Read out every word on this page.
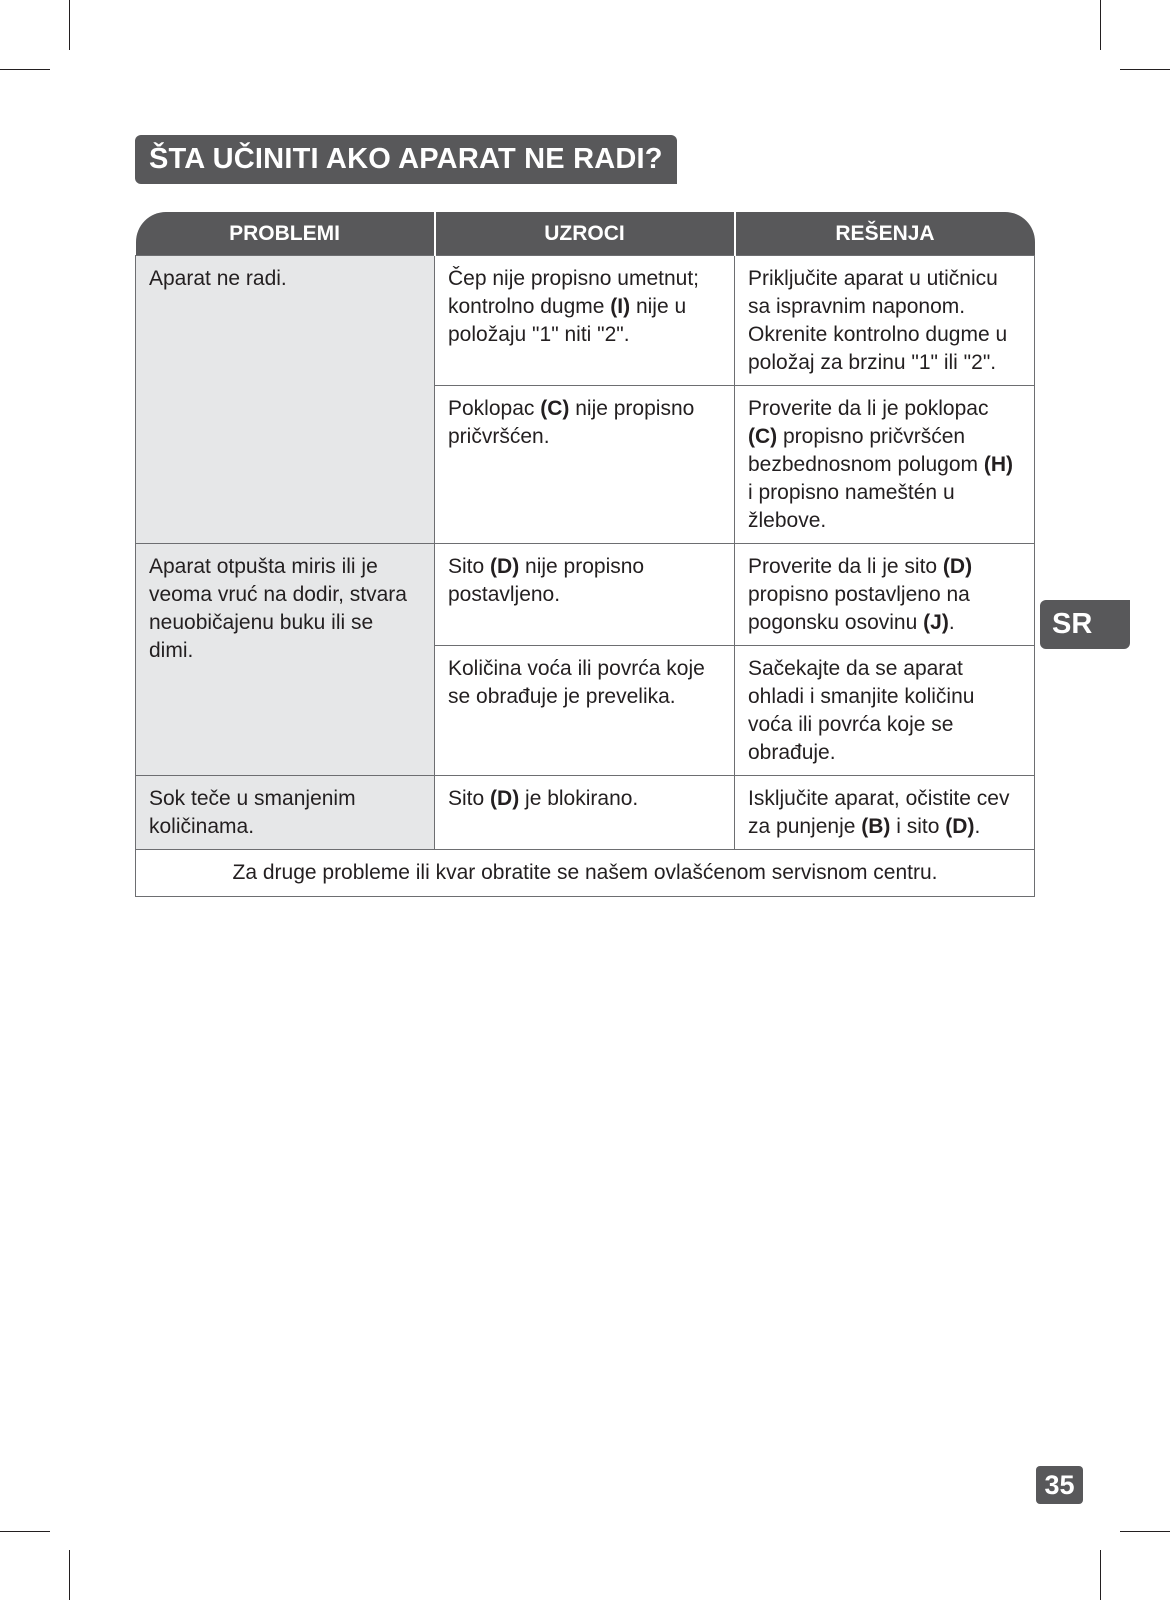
ŠTA UČINITI AKO APARAT NE RADI?
PROBLEMI	UZROCI	REŠENJA
Aparat ne radi.	Čep nije propisno umetnut; kontrolno dugme (I) nije u položaju "1" niti "2".	Priključite aparat u utičnicu sa ispravnim naponom. Okrenite kontrolno dugme u položaj za brzinu "1" ili "2".
	Poklopac (C) nije propisno pričvršćen.	Proverite da li je poklopac (C) propisno pričvršćen bezbednosnom polugom (H) i propisno nameštén u žlebove.
Aparat otpušta miris ili je veoma vruć na dodir, stvara neuobičajenu buku ili se dimi.	Sito (D) nije propisno postavljeno.	Proverite da li je sito (D) propisno postavljeno na pogonsku osovinu (J).
	Količina voća ili povrća koje se obrađuje je prevelika.	Sačekajte da se aparat ohladi i smanjite količinu voća ili povrća koje se obrađuje.
Sok teče u smanjenim količinama.	Sito (D) je blokirano.	Isključite aparat, očistite cev za punjenje (B) i sito (D).
Za druge probleme ili kvar obratite se našem ovlašćenom servisnom centru.		
SR
35
